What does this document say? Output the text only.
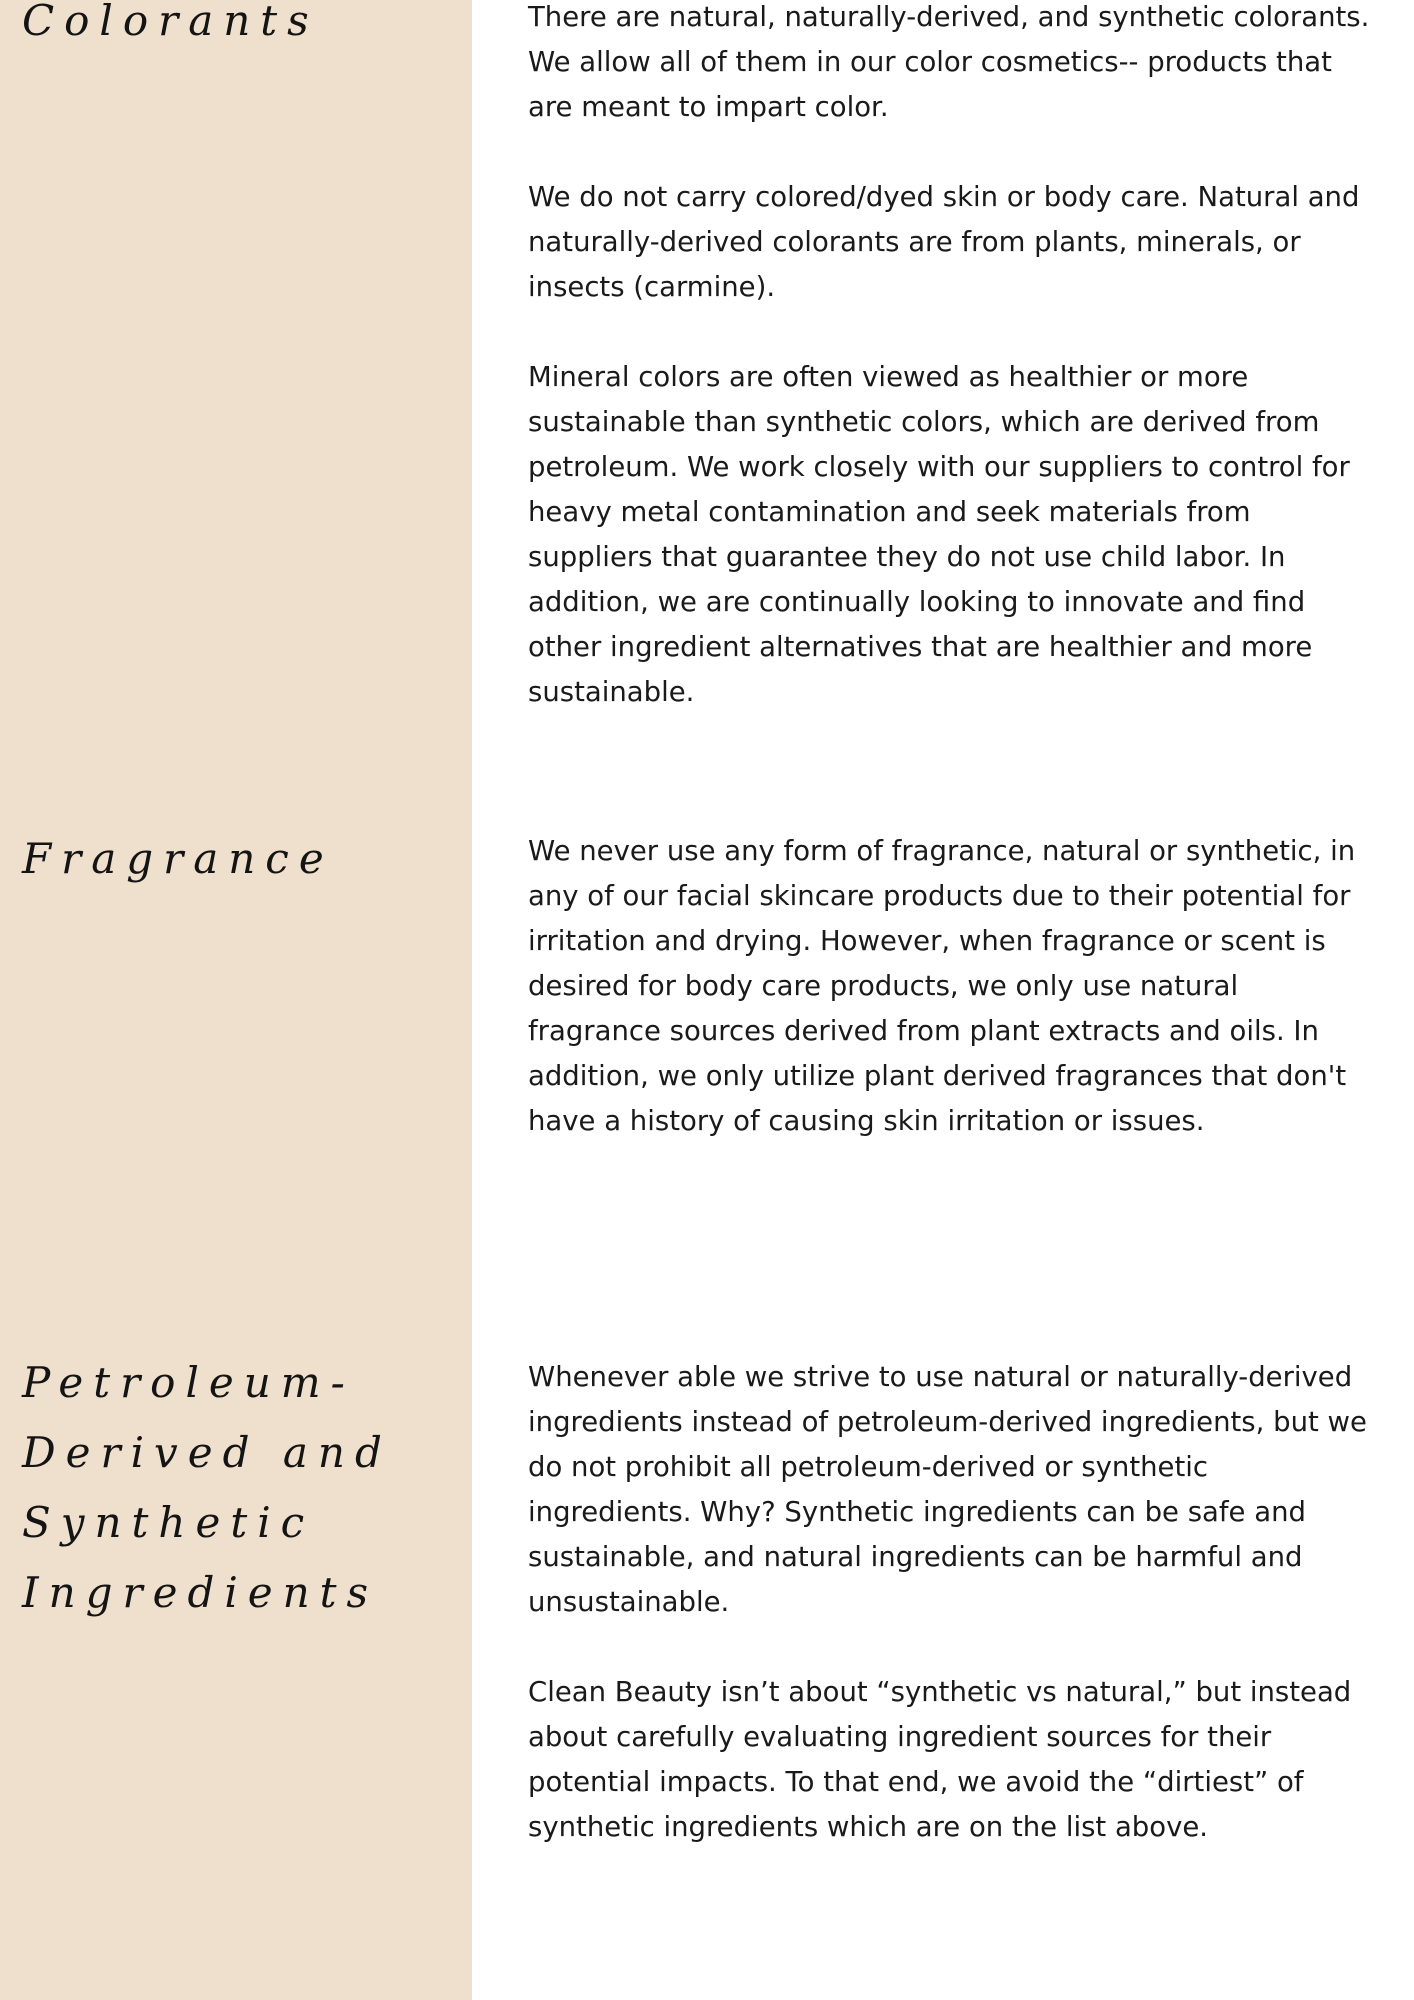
Colorants	There are natural, naturally-derived, and synthetic colorants. We allow all of them in our color cosmetics-- products that are meant to impart color.

We do not carry colored/dyed skin or body care. Natural and naturally-derived colorants are from plants, minerals, or insects (carmine).

Mineral colors are often viewed as healthier or more sustainable than synthetic colors, which are derived from petroleum. We work closely with our suppliers to control for heavy metal contamination and seek materials from suppliers that guarantee they do not use child labor. In addition, we are continually looking to innovate and find other ingredient alternatives that are healthier and more sustainable.

Fragrance	We never use any form of fragrance, natural or synthetic, in any of our facial skincare products due to their potential for irritation and drying. However, when fragrance or scent is desired for body care products, we only use natural fragrance sources derived from plant extracts and oils. In addition, we only utilize plant derived fragrances that don't have a history of causing skin irritation or issues.

Petroleum-
Derived and
Synthetic
Ingredients

Whenever able we strive to use natural or naturally-derived ingredients instead of petroleum-derived ingredients, but we do not prohibit all petroleum-derived or synthetic ingredients. Why? Synthetic ingredients can be safe and sustainable, and natural ingredients can be harmful and unsustainable.

Clean Beauty isn’t about “synthetic vs natural,” but instead about carefully evaluating ingredient sources for their potential impacts. To that end, we avoid the “dirtiest” of synthetic ingredients which are on the list above.
